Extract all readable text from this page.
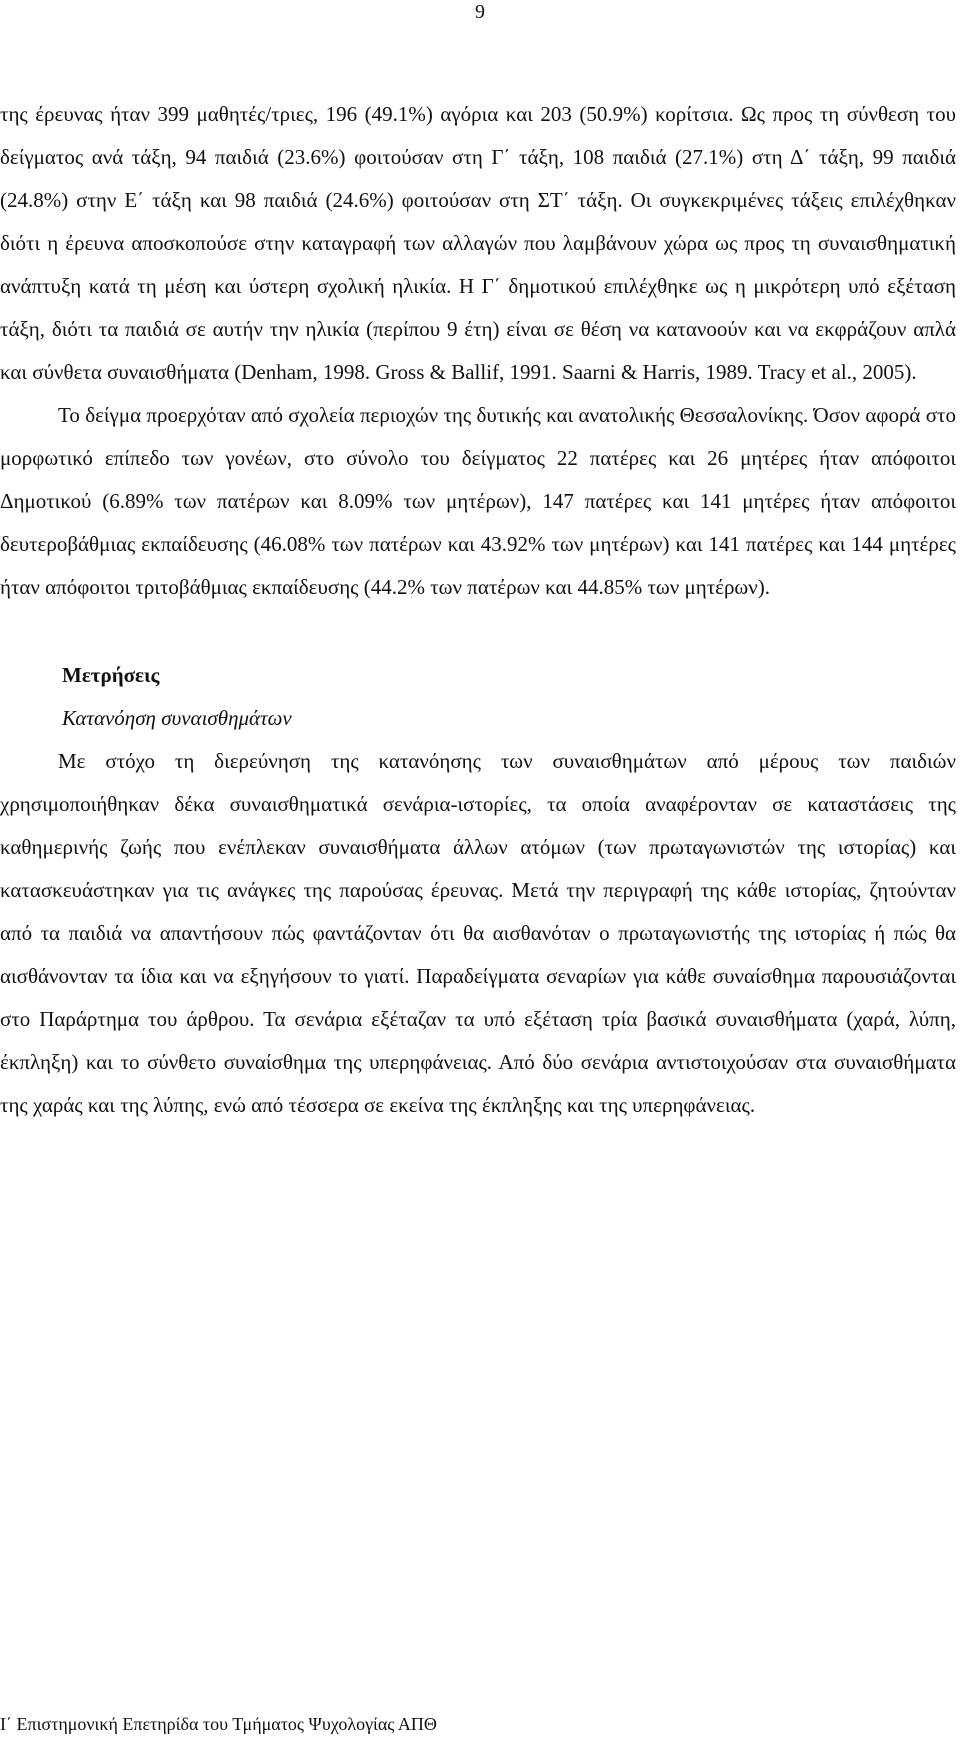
9

της έρευνας ήταν 399 μαθητές/τριες, 196 (49.1%) αγόρια και 203 (50.9%) κορίτσια. Ως προς τη σύνθεση του δείγματος ανά τάξη, 94 παιδιά (23.6%) φοιτούσαν στη Γ΄ τάξη, 108 παιδιά (27.1%) στη Δ΄ τάξη, 99 παιδιά (24.8%) στην Ε΄ τάξη και 98 παιδιά (24.6%) φοιτούσαν στη ΣΤ΄ τάξη. Οι συγκεκριμένες τάξεις επιλέχθηκαν διότι η έρευνα αποσκοπούσε στην καταγραφή των αλλαγών που λαμβάνουν χώρα ως προς τη συναισθηματική ανάπτυξη κατά τη μέση και ύστερη σχολική ηλικία. Η Γ΄ δημοτικού επιλέχθηκε ως η μικρότερη υπό εξέταση τάξη, διότι τα παιδιά σε αυτήν την ηλικία (περίπου 9 έτη) είναι σε θέση να κατανοούν και να εκφράζουν απλά και σύνθετα συναισθήματα (Denham, 1998. Gross & Ballif, 1991. Saarni & Harris, 1989. Tracy et al., 2005).

Το δείγμα προερχόταν από σχολεία περιοχών της δυτικής και ανατολικής Θεσσαλονίκης. Όσον αφορά στο μορφωτικό επίπεδο των γονέων, στο σύνολο του δείγματος 22 πατέρες και 26 μητέρες ήταν απόφοιτοι Δημοτικού (6.89% των πατέρων και 8.09% των μητέρων), 147 πατέρες και 141 μητέρες ήταν απόφοιτοι δευτεροβάθμιας εκπαίδευσης (46.08% των πατέρων και 43.92% των μητέρων) και 141 πατέρες και 144 μητέρες ήταν απόφοιτοι τριτοβάθμιας εκπαίδευσης (44.2% των πατέρων και 44.85% των μητέρων).

Μετρήσεις

Κατανόηση συναισθημάτων

Με στόχο τη διερεύνηση της κατανόησης των συναισθημάτων από μέρους των παιδιών χρησιμοποιήθηκαν δέκα συναισθηματικά σενάρια-ιστορίες, τα οποία αναφέρονταν σε καταστάσεις της καθημερινής ζωής που ενέπλεκαν συναισθήματα άλλων ατόμων (των πρωταγωνιστών της ιστορίας) και κατασκευάστηκαν για τις ανάγκες της παρούσας έρευνας. Μετά την περιγραφή της κάθε ιστορίας, ζητούνταν από τα παιδιά να απαντήσουν πώς φαντάζονταν ότι θα αισθανόταν ο πρωταγωνιστής της ιστορίας ή πώς θα αισθάνονταν τα ίδια και να εξηγήσουν το γιατί. Παραδείγματα σεναρίων για κάθε συναίσθημα παρουσιάζονται στο Παράρτημα του άρθρου. Τα σενάρια εξέταζαν τα υπό εξέταση τρία βασικά συναισθήματα (χαρά, λύπη, έκπληξη) και το σύνθετο συναίσθημα της υπερηφάνειας. Από δύο σενάρια αντιστοιχούσαν στα συναισθήματα της χαράς και της λύπης, ενώ από τέσσερα σε εκείνα της έκπληξης και της υπερηφάνειας.

Ι΄ Επιστημονική Επετηρίδα του Τμήματος Ψυχολογίας ΑΠΘ
